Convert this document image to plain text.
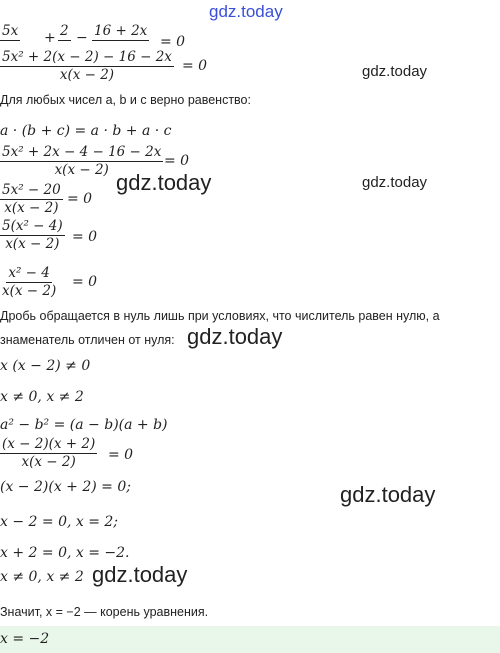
gdz.today
5x + 2 − 16 + 2x
= 0
$\frac{\text{5x² + 2(x − 2) − 16 − 2x}}{x(x - 2)} = 0$	gdz.today
Для любых чисел a, b и c верно равенство:
a · (b + c) = a · b + a · c
$\frac{\text{5x² + 2x − 4 − 16 − 2x}}{x(x - 2)} = 0$
$\frac{\text{5x² − 20}}{x(x - 2)} = 0$
gdz.today	gdz.today
$\frac{\text{5(x² − 4)}}{x(x - 2)} = 0$
$\frac{\text{x² − 4}}{x(x - 2)} = 0$
Дробь обращается в нуль лишь при условиях, что числитель равен нулю, а
знаменатель отличен от нуля: gdz.today
x (x − 2) ≠ 0
x ≠ 0, x ≠ 2
a² − b² = (a − b)(a + b)
$\frac{(x - 2)(x + 2)}{x(x - 2)} = 0$
(x − 2)(x + 2) = 0;	gdz.today
x − 2 = 0, x = 2;
x + 2 = 0, x = −2.
x ≠ 0, x ≠ 2 gdz.today
Значит, x = −2 — корень уравнения.
x = −2
